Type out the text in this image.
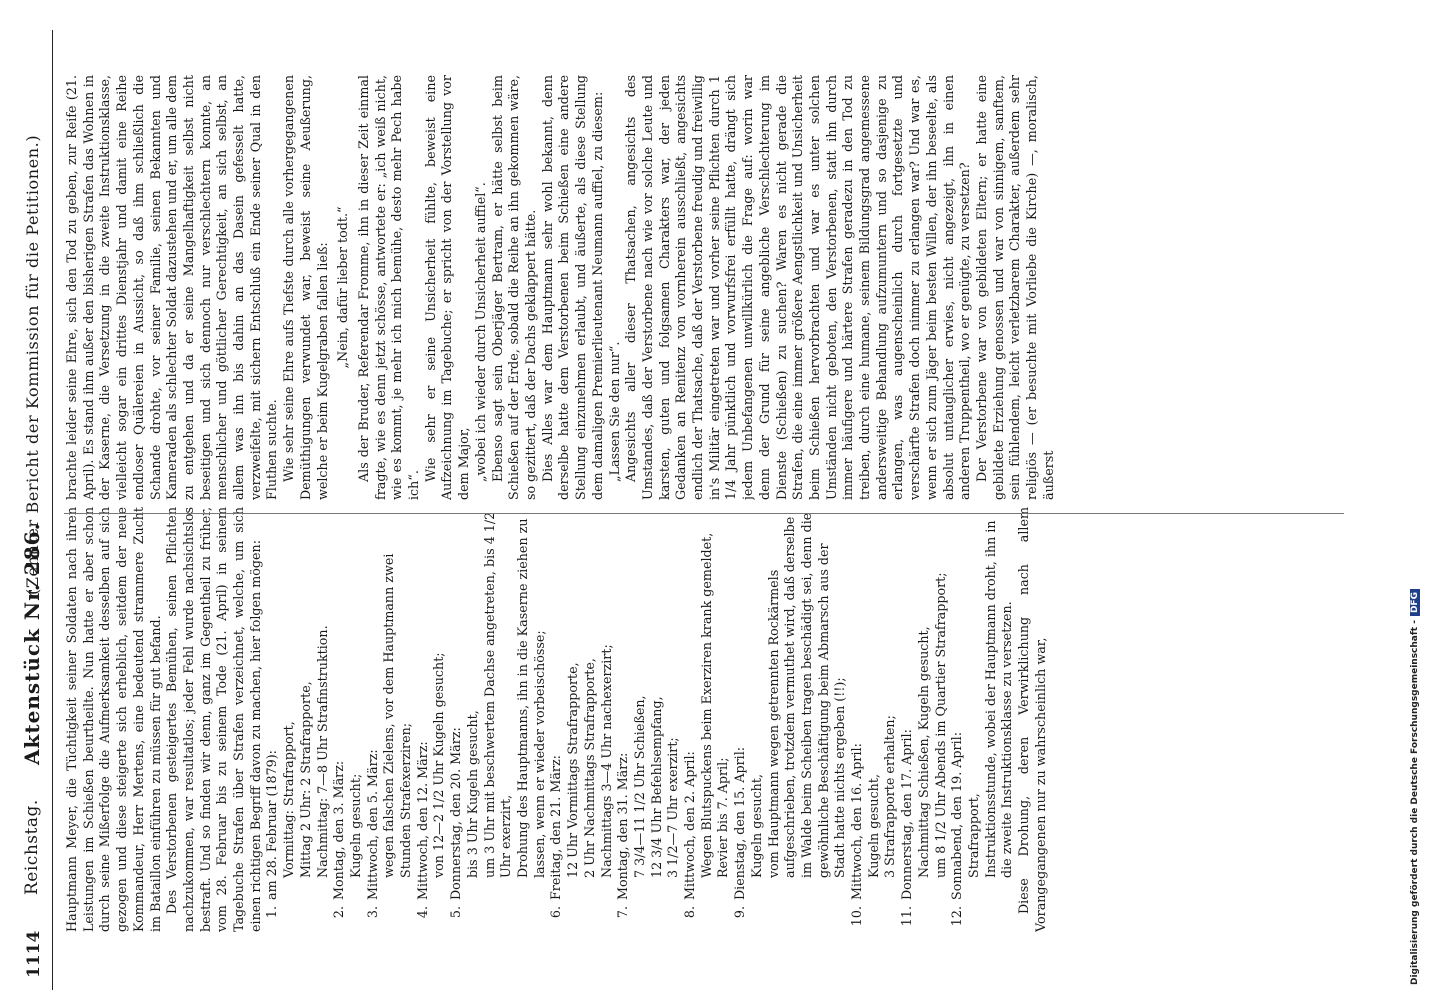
1114
Reichstag.
Aktenstück Nr. 286.
(Zehnter Bericht der Kommission für die Petitionen.)

Hauptmann Meyer, die Tüchtigkeit seiner Soldaten nach ihren Leistungen im Schießen beurtheilte. Nun hatte er aber schon durch seine Mißerfolge die Aufmerksamkeit desselben auf sich gezogen und diese steigerte sich erheblich, seitdem der neue Kommandeur, Herr Mertens, eine bedeutend strammere Zucht im Bataillon einführen zu müssen für gut befand. Des Verstorbenen gesteigertes Bemühen, seinen Pflichten nachzukommen, war resultatlos; jeder Fehl wurde nachsichtslos bestraft. Und so finden wir denn, ganz im Gegentheil zu früher, vom 28. Februar bis zu seinem Tode (21. April) in seinem Tagebuche Strafen über Strafen verzeichnet, welche, um sich einen richtigen Begriff davon zu machen, hier folgen mögen: 1.
am 28. Februar (1879): Vormittag: Strafrapport, Mittag 2 Uhr: 2 Strafrapporte, Nachmittag: 7—8 Uhr Strafinstruktion.
2.
Montag, den 3. März: Kugeln gesucht;
3.
Mittwoch, den 5. März: wegen falschen Zielens, vor dem Hauptmann zwei Stunden Strafexerziren;
4.
Mittwoch, den 12. März: von 12—2 1/2 Uhr Kugeln gesucht;
5.
Donnerstag, den 20. März: bis 3 Uhr Kugeln gesucht, um 3 Uhr mit beschwertem Dachse angetreten, bis 4 1/2 Uhr exerzirt, Drohung des Hauptmanns, ihn in die Kaserne ziehen zu lassen, wenn er wieder vorbeischösse;
6.
Freitag, den 21. März: 12 Uhr Vormittags Strafrapporte, 2 Uhr Nachmittags Strafrapporte, Nachmittags 3—4 Uhr nachexerzirt;
7.
Montag, den 31. März: 7 3/4—11 1/2 Uhr Schießen, 12 3/4 Uhr Befehlsempfang, 3 1/2—7 Uhr exerzirt;
8.
Mittwoch, den 2. April: Wegen Blutspuckens beim Exerziren krank gemeldet, Revier bis 7. April;
9.
Dienstag, den 15. April: Kugeln gesucht, vom Hauptmann wegen getrennten Rockärmels aufgeschrieben, trotzdem vermuthet wird, daß derselbe im Walde beim Scheiben tragen beschädigt sei, denn die gewöhnliche Beschäftigung beim Abmarsch aus der Stadt hatte nichts ergeben (!!);
10.
Mittwoch, den 16. April: Kugeln gesucht, 3 Strafrapporte erhalten;
11.
Donnerstag, den 17. April: Nachmittag Schießen, Kugeln gesucht, um 8 1/2 Uhr Abends im Quartier Strafrapport;
12.
Sonnabend, den 19. April: Strafrapport, Instruktionsstunde, wobei der Hauptmann droht, ihn in die zweite Instruktionsklasse zu versetzen. Diese Drohung, deren Verwirklichung nach allem Vorangegangenen nur zu wahrscheinlich war,

brachte leider seine Ehre, sich den Tod zu geben, zur Reife (21. April). Es stand ihm außer den bisherigen Strafen das Wohnen in der Kaserne, die Versetzung in die zweite Instruktionsklasse, vielleicht sogar ein drittes Dienstjahr und damit eine Reihe endloser Quälereien in Aussicht, so daß ihm schließlich die Schande drohte, vor seiner Familie, seinen Bekannten und Kameraden als schlechter Soldat dazustehen und er, um alle dem zu entgehen und da er seine Mangelhaftigkeit selbst nicht beseitigen und sich dennoch nur verschlechtern konnte, an menschlicher und göttlicher Gerechtigkeit, an sich selbst, an allem was ihn bis dahin an das Dasein gefesselt hatte, verzweifelte, mit sichern Entschluß ein Ende seiner Qual in den Fluthen suchte. Wie sehr seine Ehre aufs Tiefste durch alle vorhergegangenen Demüthigungen verwundet war, beweist seine Aeußerung, welche er beim Kugelgraben fallen ließ: „Nein, dafür lieber todt.“ Als der Bruder, Referendar Fromme, ihn in dieser Zeit einmal fragte, wie es denn jetzt schösse, antwortete er: „ich weiß nicht, wie es kommt, je mehr ich mich bemühe, desto mehr Pech habe ich“.

Wie sehr er seine Unsicherheit fühlte, beweist eine Aufzeichnung im Tagebuche; er spricht von der Vorstellung vor dem Major, „wobei ich wieder durch Unsicherheit auffiel“. Ebenso sagt sein Oberjäger Bertram, er hätte selbst beim Schießen auf der Erde, sobald die Reihe an ihn gekommen wäre, so gezittert, daß der Dachs geklappert hätte. Dies Alles war dem Hauptmann sehr wohl bekannt, denn derselbe hatte dem Verstorbenen beim Schießen eine andere Stellung einzunehmen erlaubt, und äußerte, als diese Stellung dem damaligen Premierlieutenant Neumann auffiel, zu diesem: „Lassen Sie den nur“. Angesichts aller dieser Thatsachen, angesichts des Umstandes, daß der Verstorbene nach wie vor solche Leute und karsten, guten und folgsamen Charakters war, der jeden Gedanken an Renitenz von vornherein ausschließt, angesichts endlich der Thatsache, daß der Verstorbene freudig und freiwillig in's Militär eingetreten war und vorher seine Pflichten durch 1 1/4 Jahr pünktlich und vorwurfsfrei erfüllt hatte, drängt sich jedem Unbefangenen unwillkürlich die Frage auf: worin war denn der Grund für seine angebliche Verschlechterung im Dienste (Schießen) zu suchen? Waren es nicht gerade die Strafen, die eine immer größere Aengstlichkeit und Unsicherheit beim Schießen hervorbrachten und war es unter solchen Umständen nicht geboten, den Verstorbenen, statt ihn durch immer häufigere und härtere Strafen geradezu in den Tod zu treiben, durch eine humane, seinem Bildungsgrad angemessene andersweitige Behandlung aufzumuntern und so dasjenige zu erlangen, was augenscheinlich durch fortgesetzte und verschärfte Strafen doch nimmer zu erlangen war? Und war es, wenn er sich zum Jäger beim besten Willen, der ihn beseelte, als absolut untauglicher erwies, nicht angezeigt, ihn in einen anderen Truppentheil, wo er genügte, zu versetzen? Der Verstorbene war von gebildeten Eltern; er hatte eine gebildete Erziehung genossen und war von sinnigem, sanftem, sein fühlendem, leicht verletzbarem Charakter, außerdem sehr religiös — (er besuchte mit Vorliebe die Kirche) —, moralisch, äußerst

Digitalisierung gefördert durch die Deutsche Forschungsgemeinschaft -
DFG
